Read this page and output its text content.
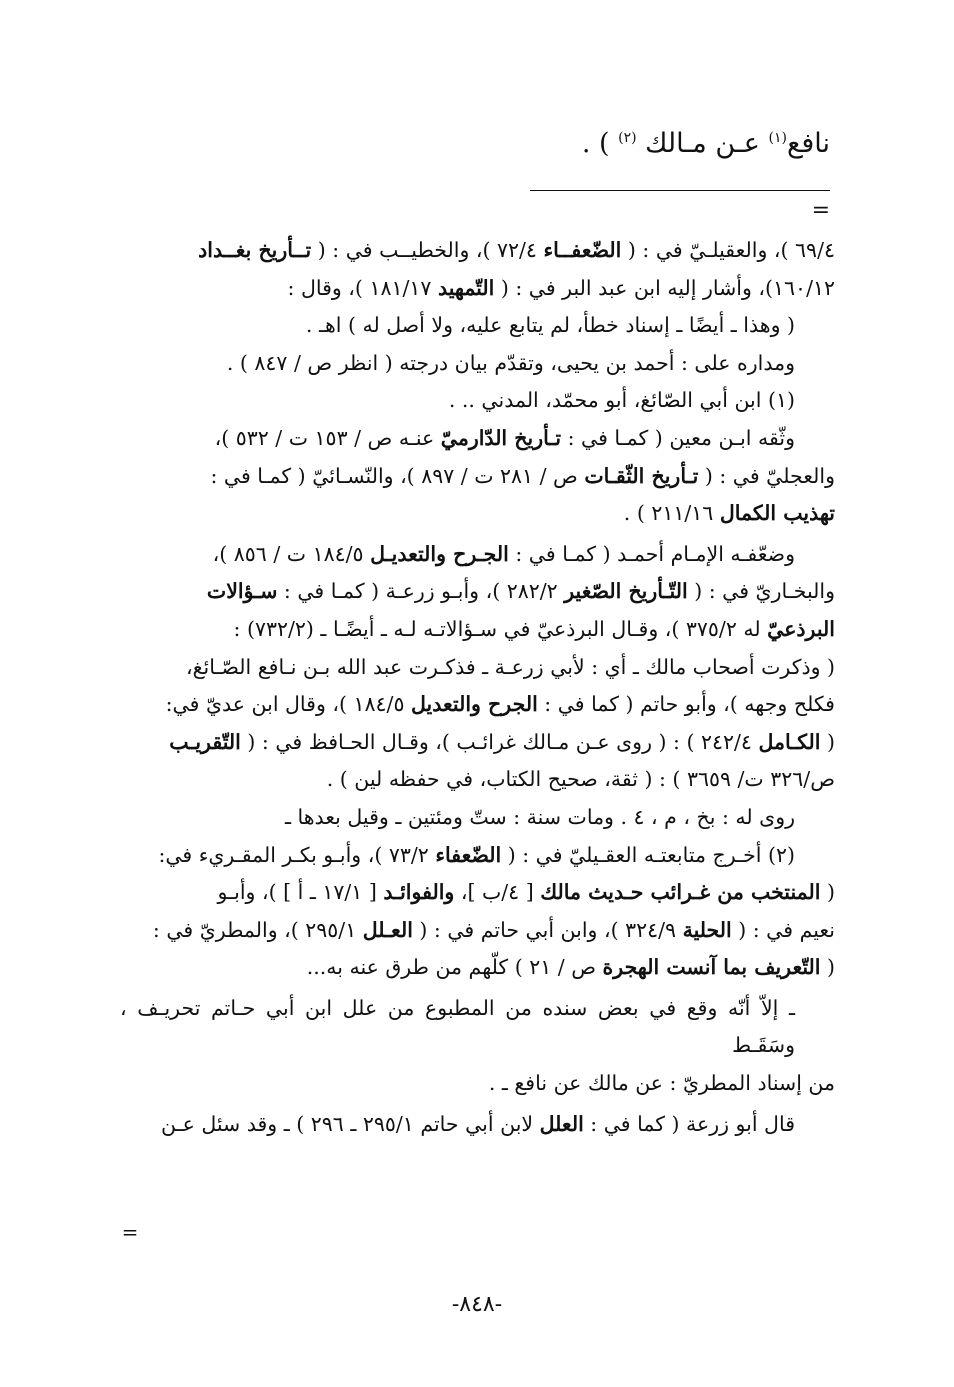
نافع$^{(١)}$ عـن مـالك $^{(٢)}$ ) .
=

٦٩/٤ )، والعقيلـيّ في : ( الضّعفــاء ٧٢/٤ )، والخطيــب في : ( تــأريخ بغــداد

١٦٠/١٢)، وأشار إليه ابن عبد البر في : ( التّمهيد ١٨١/١٧ )، وقال :

( وهذا ـ أيضًا ـ إسناد خطأ، لم يتابع عليه، ولا أصل له ) اهـ .

ومداره على : أحمد بن يحيى، وتقدّم بيان درجته ( انظر ص / ٨٤٧ ) .

(١) ابن أبي الصّائغ، أبو محمّد، المدني .. .

وثّقه ابـن معين ( كمـا في : تـأريخ الدّارميّ عنـه ص / ١٥٣ ت / ٥٣٢ )،

والعجليّ في : ( تـأريخ الثّقـات ص / ٢٨١ ت / ٨٩٧ )، والنّسـائيّ ( كمـا في :

تهذيب الكمال ٢١١/١٦ ) .

وضعّفـه الإمـام أحمـد ( كمـا في : الجـرح والتعديـل ١٨٤/٥ ت / ٨٥٦ )،

والبخـاريّ في : ( التّـأريخ الصّغير ٢٨٢/٢ )، وأبـو زرعـة ( كمـا في : سـؤالات

البرذعيّ له ٣٧٥/٢ )، وقـال البرذعيّ في سـؤالاتـه لـه ـ أيضًـا ـ (٧٣٢/٢) :

( وذكرت أصحاب مالك ـ أي : لأبي زرعـة ـ فذكـرت عبد الله بـن نـافع الصّـائغ،

فكلح وجهه )، وأبو حاتم ( كما في : الجرح والتعديل ١٨٤/٥ )، وقال ابن عديّ في:

( الكـامل ٢٤٢/٤ ) : ( روى عـن مـالك غرائـب )، وقـال الحـافظ في : ( التّقريـب

ص/٣٢٦ ت/ ٣٦٥٩ ) : ( ثقة، صحيح الكتاب، في حفظه لين ) .

روى له : بخ ، م ، ٤ . ومات سنة : ستّ ومئتين ـ وقيل بعدها ـ

(٢) أخـرج متابعتـه العقـيليّ في : ( الضّعفاء ٧٣/٢ )، وأبـو بكـر المقـريء في:

( المنتخب من غـرائب حـديث مالك [ ٤/ب ]، والفوائـد [ ١٧/١ ـ أ ] )، وأبـو

نعيم في : ( الحلية ٣٢٤/٩ )، وابن أبي حاتم في : ( العـلل ٢٩٥/١ )، والمطريّ في :

( التّعريف بما آنست الهجرة ص / ٢١ ) كلّهم من طرق عنه به...

ـ إلاّ أنّه وقع في بعض سنده من المطبوع من علل ابن أبي حـاتم تحريـف ، وسَقَـط

من إسناد المطريّ : عن مالك عن نافع ـ .

قال أبو زرعة ( كما في : العلل لابن أبي حاتم ٢٩٥/١ ـ ٢٩٦ ) ـ وقد سئل عـن

=
-٨٤٨-
